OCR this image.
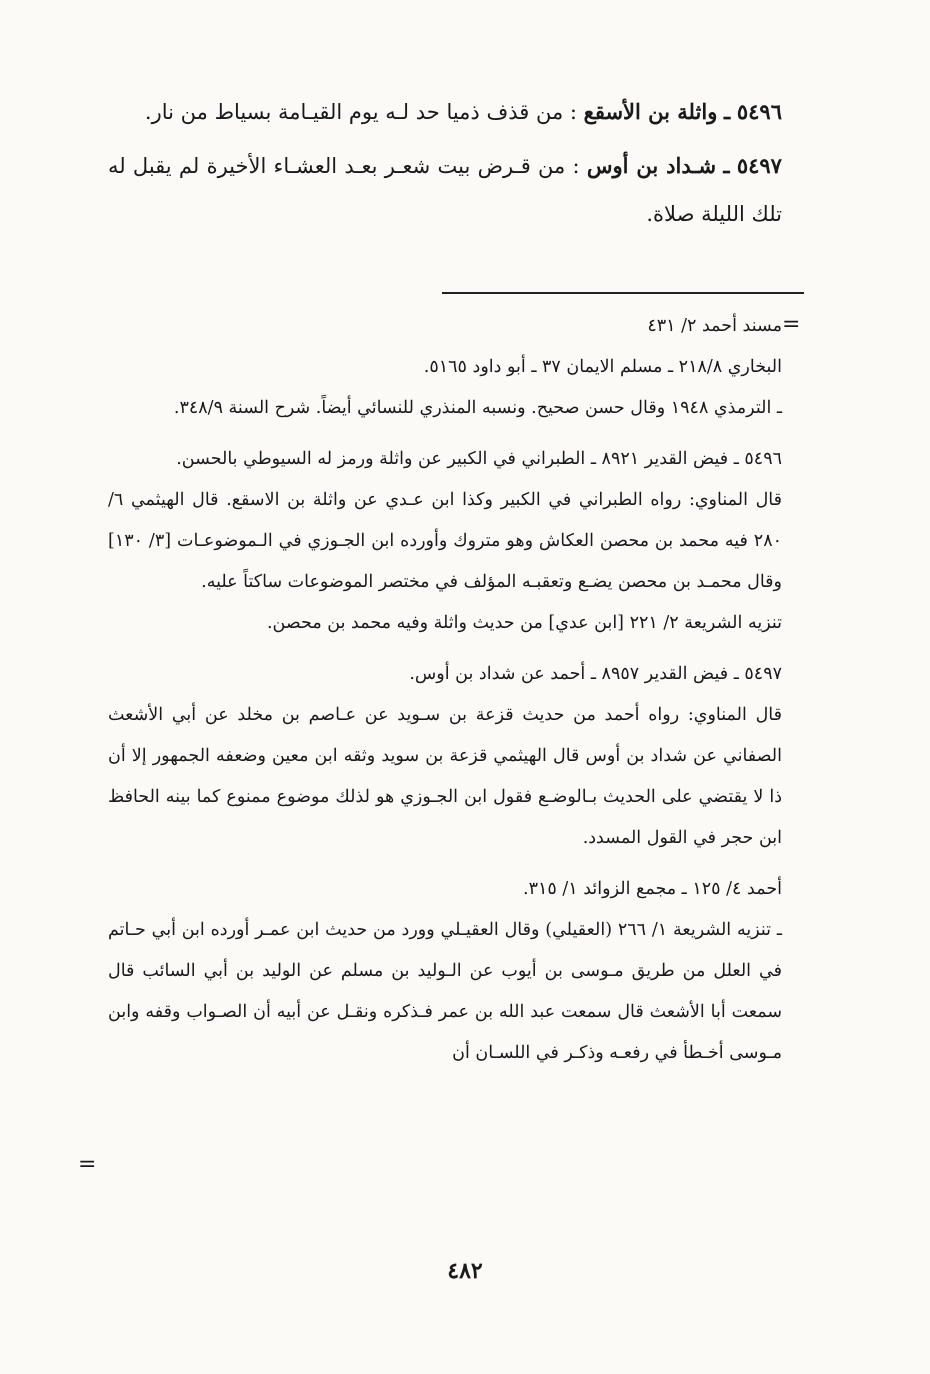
٥٤٩٦ ـ واثلة بن الأسقع : من قذف ذميا حد لـه يوم القيـامة بسياط من نار.

٥٤٩٧ ـ شـداد بن أوس : من قـرض بيت شعـر بعـد العشـاء الأخيرة لم يقبل له تلك الليلة صلاة.

=

مسند أحمد ٢/ ٤٣١

البخاري ٢١٨/٨ ـ مسلم الايمان ٣٧ ـ أبو داود ٥١٦٥.

ـ الترمذي ١٩٤٨ وقال حسن صحيح. ونسبه المنذري للنسائي أيضاً. شرح السنة ٣٤٨/٩.

٥٤٩٦ ـ فيض القدير ٨٩٢١ ـ الطبراني في الكبير عن واثلة ورمز له السيوطي بالحسن.

قال المناوي: رواه الطبراني في الكبير وكذا ابن عـدي عن واثلة بن الاسقع. قال الهيثمي ٦/ ٢٨٠ فيه محمد بن محصن العكاش وهو متروك وأورده ابن الجـوزي في الـموضوعـات [٣/ ١٣٠] وقال محمـد بن محصن يضـع وتعقبـه المؤلف في مختصر الموضوعات ساكتاً عليه.

تنزيه الشريعة ٢/ ٢٢١ [ابن عدي] من حديث واثلة وفيه محمد بن محصن.

٥٤٩٧ ـ فيض القدير ٨٩٥٧ ـ أحمد عن شداد بن أوس.

قال المناوي: رواه أحمد من حديث قزعة بن سـويد عن عـاصم بن مخلد عن أبي الأشعث الصفاني عن شداد بن أوس قال الهيثمي قزعة بن سويد وثقه ابن معين وضعفه الجمهور إلا أن ذا لا يقتضي على الحديث بـالوضـع فقول ابن الجـوزي هو لذلك موضوع ممنوع كما بينه الحافظ ابن حجر في القول المسدد.

أحمد ٤/ ١٢٥ ـ مجمع الزوائد ١/ ٣١٥.

ـ تنزيه الشريعة ١/ ٢٦٦ (العقيلي) وقال العقيـلي وورد من حديث ابن عمـر أورده ابن أبي حـاتم في العلل من طريق مـوسى بن أيوب عن الـوليد بن مسلم عن الوليد بن أبي السائب قال سمعت أبا الأشعث قال سمعت عبد الله بن عمر فـذكره ونقـل عن أبيه أن الصـواب وقفه وابن مـوسى أخـطأ في رفعـه وذكـر في اللسـان أن

=
٤٨٢
